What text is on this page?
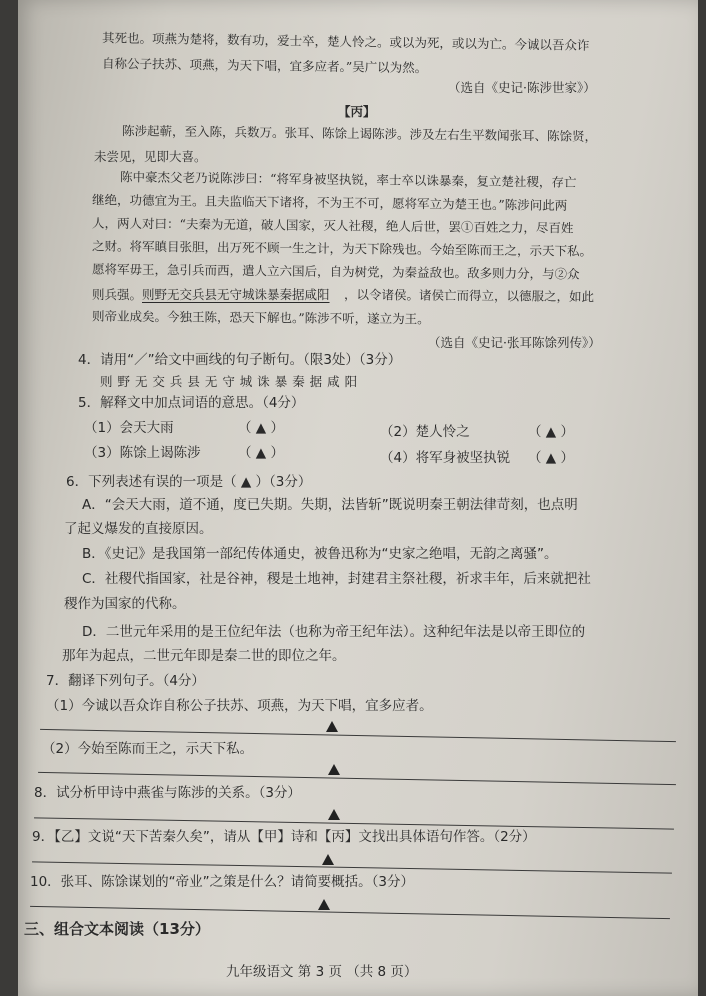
其死也。项燕为楚将，数有功，爱士卒，楚人怜之。或以为死，或以为亡。今诚以吾众诈
自称公子扶苏、项燕，为天下唱，宜多应者。”吴广以为然。
（选自《史记·陈涉世家》）
【丙】
陈涉起蕲，至入陈，兵数万。张耳、陈馀上谒陈涉。涉及左右生平数闻张耳、陈馀贤，
未尝见，见即大喜。
陈中豪杰父老乃说陈涉曰：“将军身被坚执锐，率士卒以诛暴秦，复立楚社稷，存亡
继绝，功德宜为王。且夫监临天下诸将，不为王不可，愿将军立为楚王也。”陈涉问此两
人，两人对曰：“夫秦为无道，破人国家，灭人社稷，绝人后世，罢①百姓之力，尽百姓
之财。将军瞋目张胆，出万死不顾一生之计，为天下除残也。今始至陈而王之，示天下私。
愿将军毋王，急引兵而西，遣人立六国后，自为树党，为秦益敌也。敌多则力分，与②众
则兵强。 则野无交兵县无守城诛暴秦据咸阳 ，以令诸侯。诸侯亡而得立，以德服之，如此
则帝业成矣。今独王陈，恐天下解也。”陈涉不听，遂立为王。
（选自《史记·张耳陈馀列传》）
4．请用“／”给文中画线的句子断句。（限3处）（3分）
则 野 无 交 兵 县 无 守 城 诛 暴 秦 据 咸 阳
5．解释文中加点词语的意思。（4分）
（1）会天大雨	（ ▲ ）	（2）楚人怜之	（ ▲ ）
（3）陈馀上谒陈涉	（ ▲ ）	（4）将军身被坚执锐 （ ▲ ）
6．下列表述有误的一项是（ ▲ ）（3分）
A．“会天大雨，道不通，度已失期。失期，法皆斩”既说明秦王朝法律苛刻，也点明
了起义爆发的直接原因。
B．《史记》是我国第一部纪传体通史，被鲁迅称为“史家之绝唱，无韵之离骚”。
C．社稷代指国家，社是谷神，稷是土地神，封建君主祭社稷，祈求丰年，后来就把社
稷作为国家的代称。
D．二世元年采用的是王位纪年法（也称为帝王纪年法）。这种纪年法是以帝王即位的
那年为起点，二世元年即是秦二世的即位之年。
7．翻译下列句子。（4分）
（1）今诚以吾众诈自称公子扶苏、项燕，为天下唱，宜多应者。
（2）今始至陈而王之，示天下私。
8．试分析甲诗中燕雀与陈涉的关系。（3分）
9．【乙】文说“天下苦秦久矣”，请从【甲】诗和【丙】文找出具体语句作答。（2分）
10．张耳、陈馀谋划的“帝业”之策是什么？请简要概括。（3分）
三、组合文本阅读（13分）
九年级语文 第 3 页 （共 8 页）
